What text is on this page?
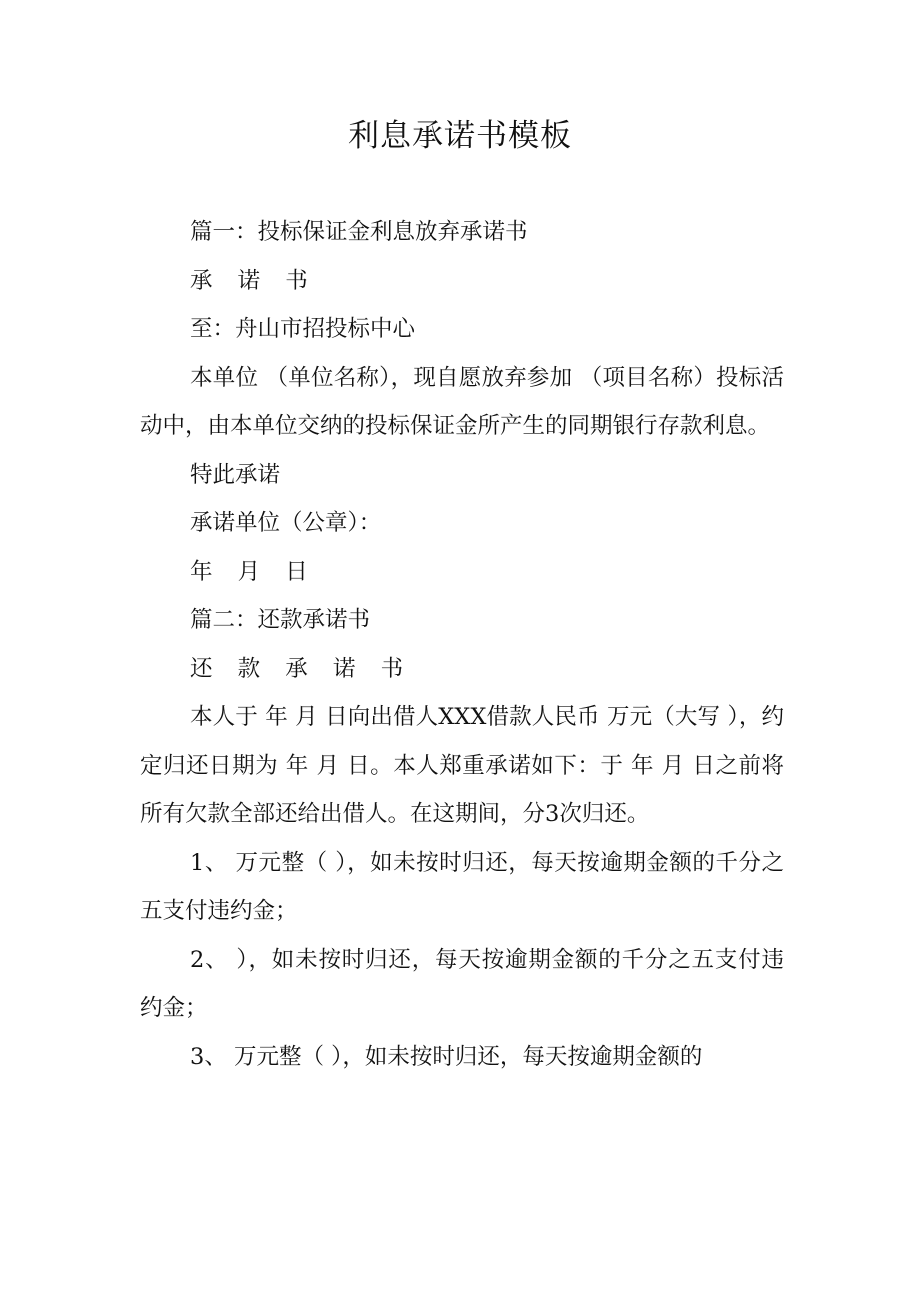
利息承诺书模板

篇一：投标保证金利息放弃承诺书

承 诺 书

至：舟山市招投标中心

本单位 （单位名称），现自愿放弃参加 （项目名称）投标活动中，由本单位交纳的投标保证金所产生的同期银行存款利息。

特此承诺

承诺单位（公章）：

年 月 日

篇二：还款承诺书

还 款 承 诺 书

本人于 年 月 日向出借人XXX借款人民币 万元（大写 ），约定归还日期为 年 月 日。本人郑重承诺如下：于 年 月 日之前将所有欠款全部还给出借人。在这期间，分3次归还。

1、 万元整（ ），如未按时归还，每天按逾期金额的千分之五支付违约金；

2、 ），如未按时归还，每天按逾期金额的千分之五支付违约金；

3、 万元整（ ），如未按时归还，每天按逾期金额的
